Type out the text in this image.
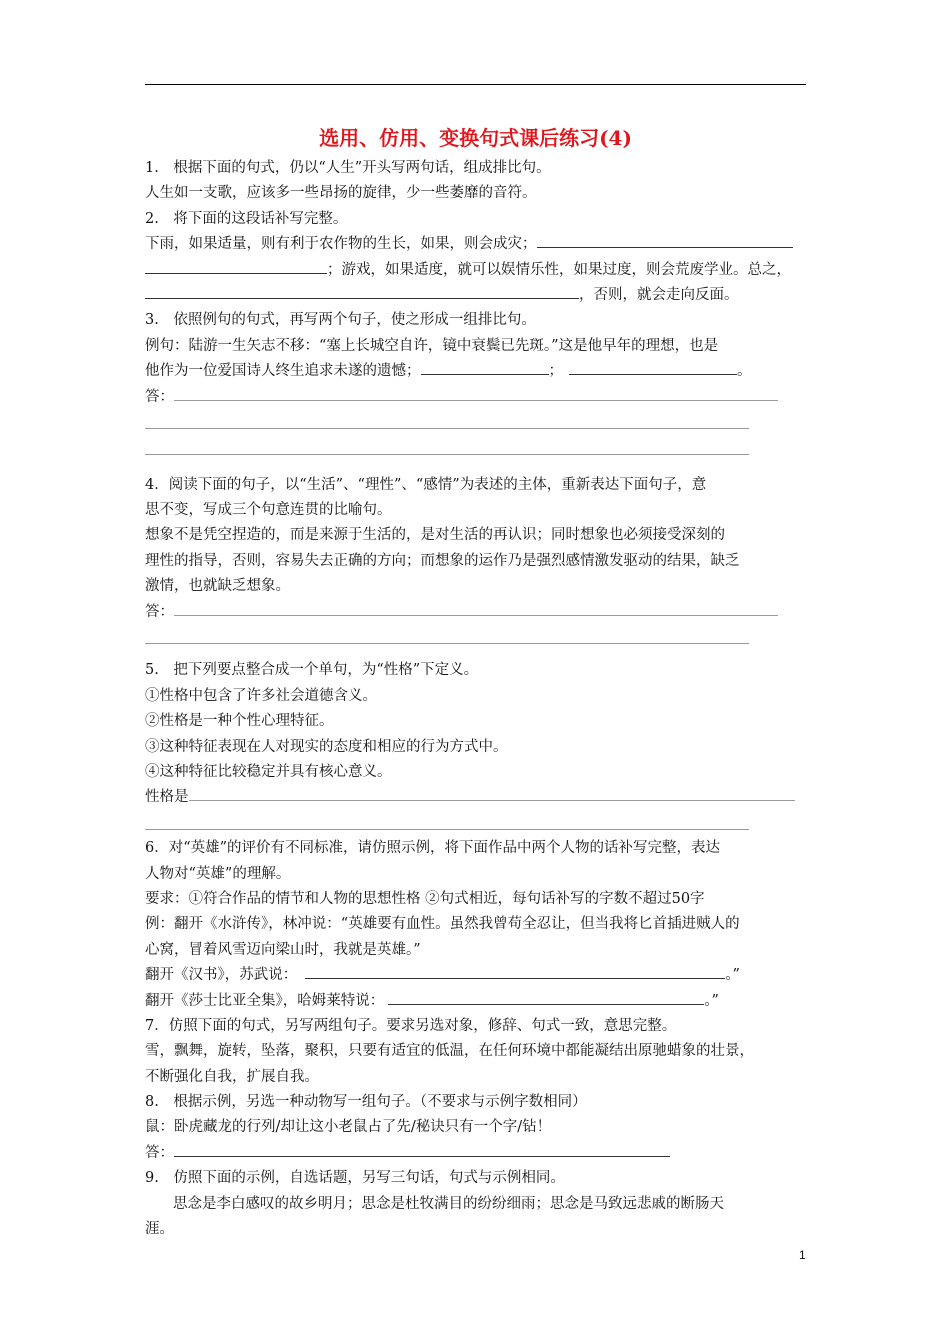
选用、仿用、变换句式课后练习(4)
1.　根据下面的句式，仍以“人生”开头写两句话，组成排比句。
人生如一支歌，应该多一些昂扬的旋律，少一些萎靡的音符。
2.　将下面的这段话补写完整。
下雨，如果适量，则有利于农作物的生长，如果，则会成灾；
；游戏，如果适度，就可以娱情乐性，如果过度，则会荒废学业。总之，
，否则，就会走向反面。
3.　依照例句的句式，再写两个句子，使之形成一组排比句。
例句：陆游一生矢志不移：“塞上长城空自许，镜中衰鬓已先斑。”这是他早年的理想，也是
他作为一位爱国诗人终生追求未遂的遗憾；	；	。
答：
4．阅读下面的句子，以“生活”、“理性”、“感情”为表述的主体，重新表达下面句子，意
思不变，写成三个句意连贯的比喻句。
想象不是凭空捏造的，而是来源于生活的，是对生活的再认识；同时想象也必须接受深刻的
理性的指导，否则，容易失去正确的方向；而想象的运作乃是强烈感情激发驱动的结果，缺乏
激情，也就缺乏想象。
答：
5.　把下列要点整合成一个单句，为“性格”下定义。
①性格中包含了许多社会道德含义。
②性格是一种个性心理特征。
③这种特征表现在人对现实的态度和相应的行为方式中。
④这种特征比较稳定并具有核心意义。
性格是
6．对“英雄”的评价有不同标准，请仿照示例，将下面作品中两个人物的话补写完整，表达
人物对“英雄”的理解。
要求：①符合作品的情节和人物的思想性格 ②句式相近，每句话补写的字数不超过50字
例：翻开《水浒传》，林冲说：“英雄要有血性。虽然我曾苟全忍让，但当我将匕首插进贼人的
心窝，冒着风雪迈向梁山时，我就是英雄。”
翻开《汉书》，苏武说：	。”
翻开《莎士比亚全集》，哈姆莱特说：	。”
7．仿照下面的句式，另写两组句子。要求另选对象，修辞、句式一致，意思完整。
雪，飘舞，旋转，坠落，聚积，只要有适宜的低温，在任何环境中都能凝结出原驰蜡象的壮景，
不断强化自我，扩展自我。
8.　根据示例，另选一种动物写一组句子。（不要求与示例字数相同）
鼠：卧虎藏龙的行列/却让这小老鼠占了先/秘诀只有一个字/钻！
答：
9.　仿照下面的示例，自选话题，另写三句话，句式与示例相同。
思念是李白感叹的故乡明月；思念是杜牧满目的纷纷细雨；思念是马致远悲戚的断肠天
涯。
1
